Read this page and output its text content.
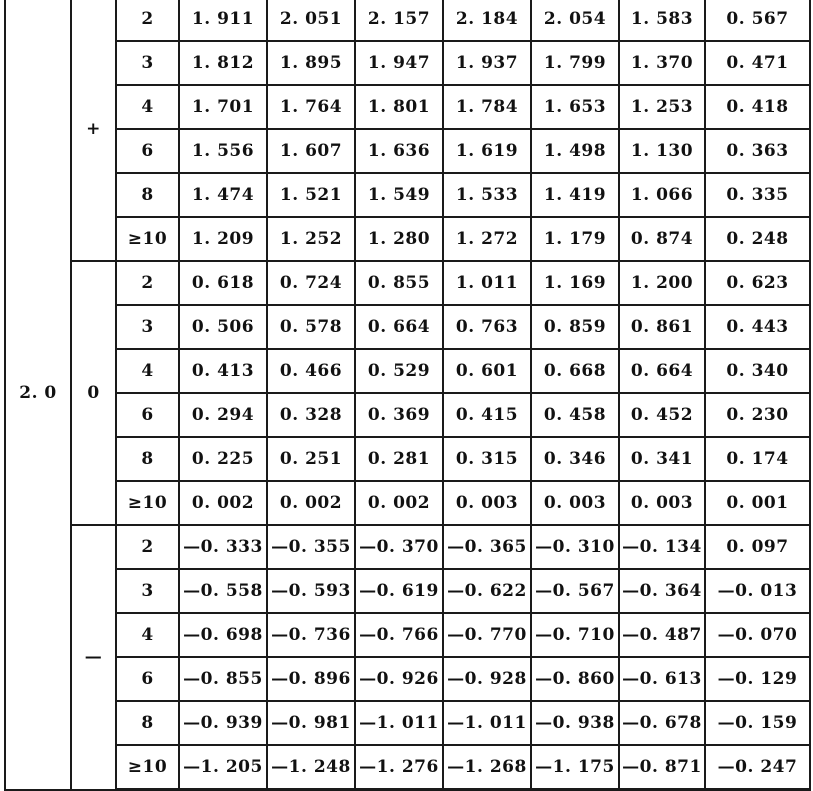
2. 0	+	2	1. 911	2. 051	2. 157	2. 184	2. 054	1. 583	0. 567
		3	1. 812	1. 895	1. 947	1. 937	1. 799	1. 370	0. 471
		4	1. 701	1. 764	1. 801	1. 784	1. 653	1. 253	0. 418
		6	1. 556	1. 607	1. 636	1. 619	1. 498	1. 130	0. 363
		8	1. 474	1. 521	1. 549	1. 533	1. 419	1. 066	0. 335
		≥10	1. 209	1. 252	1. 280	1. 272	1. 179	0. 874	0. 248
	0	2	0. 618	0. 724	0. 855	1. 011	1. 169	1. 200	0. 623
		3	0. 506	0. 578	0. 664	0. 763	0. 859	0. 861	0. 443
		4	0. 413	0. 466	0. 529	0. 601	0. 668	0. 664	0. 340
		6	0. 294	0. 328	0. 369	0. 415	0. 458	0. 452	0. 230
		8	0. 225	0. 251	0. 281	0. 315	0. 346	0. 341	0. 174
		≥10	0. 002	0. 002	0. 002	0. 003	0. 003	0. 003	0. 001
	—	2	—0. 333	—0. 355	—0. 370	—0. 365	—0. 310	—0. 134	0. 097
		3	—0. 558	—0. 593	—0. 619	—0. 622	—0. 567	—0. 364	—0. 013
		4	—0. 698	—0. 736	—0. 766	—0. 770	—0. 710	—0. 487	—0. 070
		6	—0. 855	—0. 896	—0. 926	—0. 928	—0. 860	—0. 613	—0. 129
		8	—0. 939	—0. 981	—1. 011	—1. 011	—0. 938	—0. 678	—0. 159
		≥10	—1. 205	—1. 248	—1. 276	—1. 268	—1. 175	—0. 871	—0. 247
